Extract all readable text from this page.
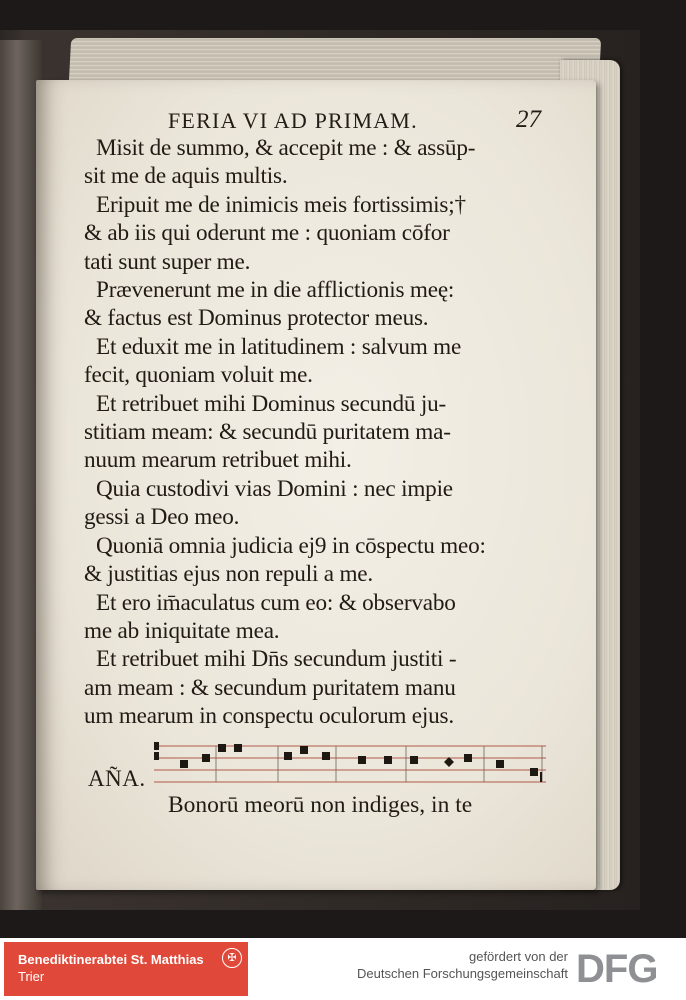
FERIA VI AD PRIMAM.	27
Misit de summo, & accepit me : & assūp-
sit me de aquis multis.
Eripuit me de inimicis meis fortissimis;†
& ab iis qui oderunt me : quoniam cōfor
tati sunt super me.
Prævenerunt me in die afflictionis meę:
& factus est Dominus protector meus.
Et eduxit me in latitudinem : salvum me
fecit, quoniam voluit me.
Et retribuet mihi Dominus secundū ju-
stitiam meam: & secundū puritatem ma-
nuum mearum retribuet mihi.
Quia custodivi vias Domini : nec impie
gessi a Deo meo.
Quoniā omnia judicia ej9 in cōspectu meo:
& justitias ejus non repuli a me.
Et ero im̄aculatus cum eo: & observabo
me ab iniquitate mea.
Et retribuet mihi Dn̄s secundum justiti -
am meam : & secundum puritatem manu
um mearum in conspectu oculorum ejus.
AÑA.
Bonorū meorū non indiges, in te
Benediktinerabtei St. Matthias
Trier
✠	gefördert von der
Deutschen Forschungsgemeinschaft DFG
